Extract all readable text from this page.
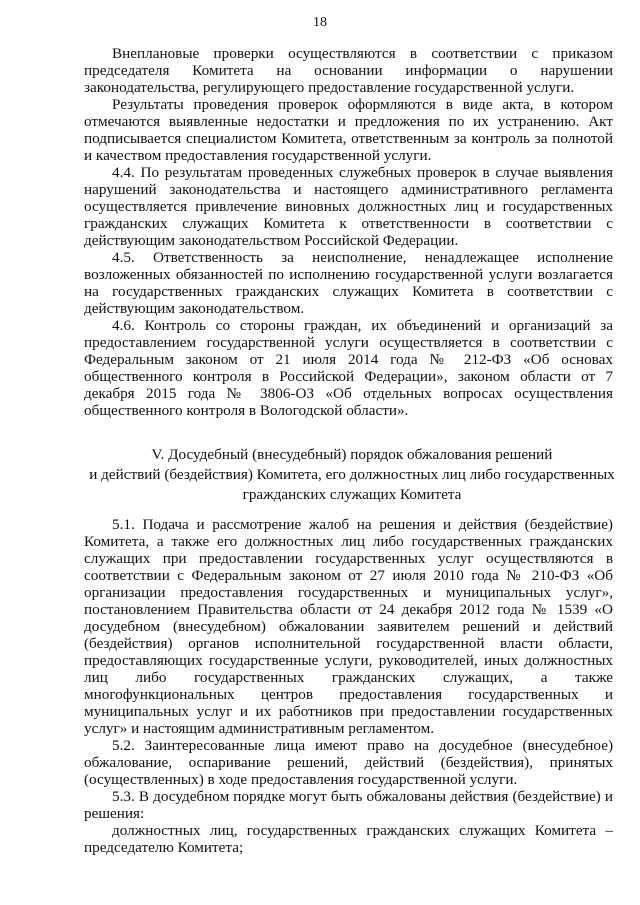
18

Внеплановые проверки осуществляются в соответствии с приказом председателя Комитета на основании информации о нарушении законодательства, регулирующего предоставление государственной услуги.

Результаты проведения проверок оформляются в виде акта, в котором отмечаются выявленные недостатки и предложения по их устранению. Акт подписывается специалистом Комитета, ответственным за контроль за полнотой и качеством предоставления государственной услуги.

4.4. По результатам проведенных служебных проверок в случае выявления нарушений законодательства и настоящего административного регламента осуществляется привлечение виновных должностных лиц и государственных гражданских служащих Комитета к ответственности в соответствии с действующим законодательством Российской Федерации.

4.5. Ответственность за неисполнение, ненадлежащее исполнение возложенных обязанностей по исполнению государственной услуги возлагается на государственных гражданских служащих Комитета в соответствии с действующим законодательством.

4.6. Контроль со стороны граждан, их объединений и организаций за предоставлением государственной услуги осуществляется в соответствии с Федеральным законом от 21 июля 2014 года № 212-ФЗ «Об основах общественного контроля в Российской Федерации», законом области от 7 декабря 2015 года № 3806-ОЗ «Об отдельных вопросах осуществления общественного контроля в Вологодской области».

V. Досудебный (внесудебный) порядок обжалования решений
и действий (бездействия) Комитета, его должностных лиц либо государственных
гражданских служащих Комитета

5.1. Подача и рассмотрение жалоб на решения и действия (бездействие) Комитета, а также его должностных лиц либо государственных гражданских служащих при предоставлении государственных услуг осуществляются в соответствии с Федеральным законом от 27 июля 2010 года № 210-ФЗ «Об организации предоставления государственных и муниципальных услуг», постановлением Правительства области от 24 декабря 2012 года № 1539 «О досудебном (внесудебном) обжаловании заявителем решений и действий (бездействия) органов исполнительной государственной власти области, предоставляющих государственные услуги, руководителей, иных должностных лиц либо государственных гражданских служащих, а также многофункциональных центров предоставления государственных и муниципальных услуг и их работников при предоставлении государственных услуг» и настоящим административным регламентом.

5.2. Заинтересованные лица имеют право на досудебное (внесудебное) обжалование, оспаривание решений, действий (бездействия), принятых (осуществленных) в ходе предоставления государственной услуги.

5.3. В досудебном порядке могут быть обжалованы действия (бездействие) и решения:

должностных лиц, государственных гражданских служащих Комитета – председателю Комитета;
